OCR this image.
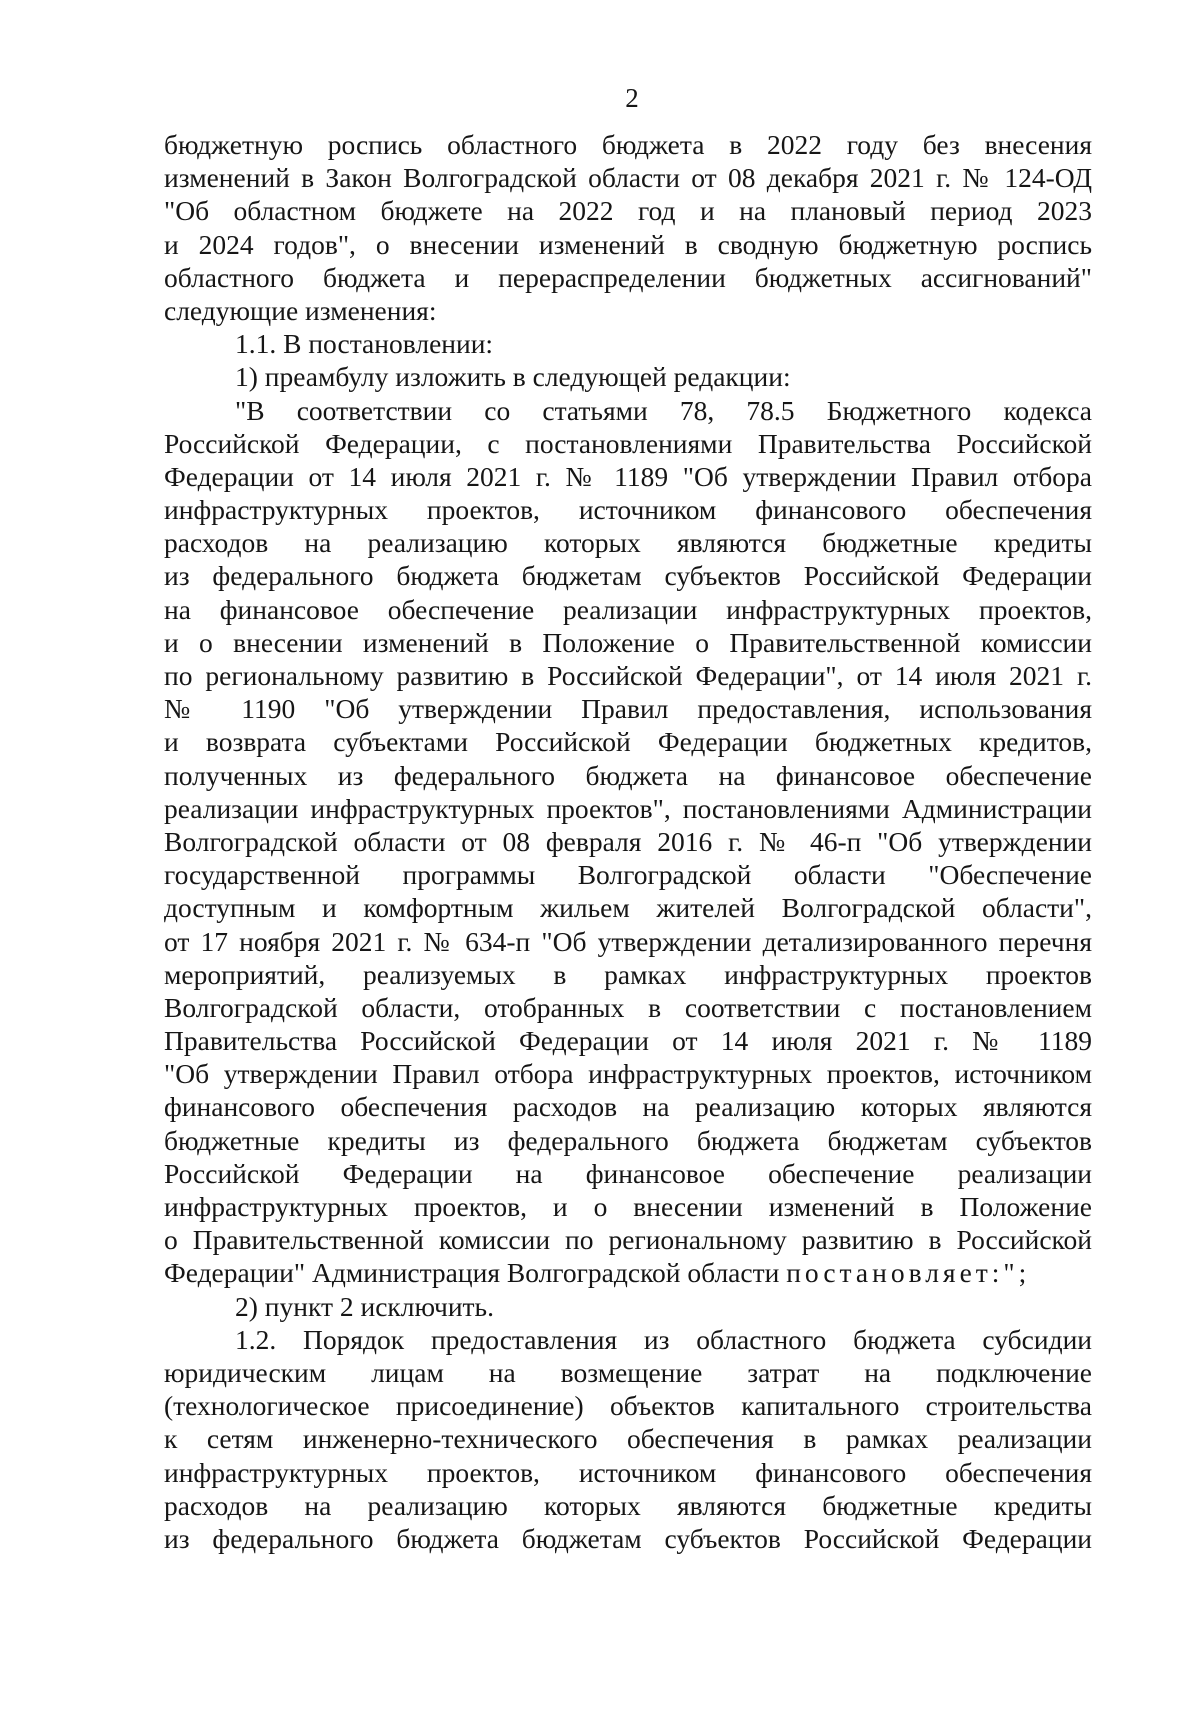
2
бюджетную роспись областного бюджета в 2022 году без внесения
изменений в Закон Волгоградской области от 08 декабря 2021 г. № 124-ОД
"Об областном бюджете на 2022 год и на плановый период 2023
и 2024 годов", о внесении изменений в сводную бюджетную роспись
областного бюджета и перераспределении бюджетных ассигнований"
следующие изменения:
1.1. В постановлении:
1) преамбулу изложить в следующей редакции:
"В соответствии со статьями 78, 78.5 Бюджетного кодекса
Российской Федерации, с постановлениями Правительства Российской
Федерации от 14 июля 2021 г. № 1189 "Об утверждении Правил отбора
инфраструктурных проектов, источником финансового обеспечения
расходов на реализацию которых являются бюджетные кредиты
из федерального бюджета бюджетам субъектов Российской Федерации
на финансовое обеспечение реализации инфраструктурных проектов,
и о внесении изменений в Положение о Правительственной комиссии
по региональному развитию в Российской Федерации", от 14 июля 2021 г.
№ 1190 "Об утверждении Правил предоставления, использования
и возврата субъектами Российской Федерации бюджетных кредитов,
полученных из федерального бюджета на финансовое обеспечение
реализации инфраструктурных проектов", постановлениями Администрации
Волгоградской области от 08 февраля 2016 г. № 46-п "Об утверждении
государственной программы Волгоградской области "Обеспечение
доступным и комфортным жильем жителей Волгоградской области",
от 17 ноября 2021 г. № 634-п "Об утверждении детализированного перечня
мероприятий, реализуемых в рамках инфраструктурных проектов
Волгоградской области, отобранных в соответствии с постановлением
Правительства Российской Федерации от 14 июля 2021 г. № 1189
"Об утверждении Правил отбора инфраструктурных проектов, источником
финансового обеспечения расходов на реализацию которых являются
бюджетные кредиты из федерального бюджета бюджетам субъектов
Российской Федерации на финансовое обеспечение реализации
инфраструктурных проектов, и о внесении изменений в Положение
о Правительственной комиссии по региональному развитию в Российской
Федерации" Администрация Волгоградской области постановляет:";
2) пункт 2 исключить.
1.2. Порядок предоставления из областного бюджета субсидии
юридическим лицам на возмещение затрат на подключение
(технологическое присоединение) объектов капитального строительства
к сетям инженерно-технического обеспечения в рамках реализации
инфраструктурных проектов, источником финансового обеспечения
расходов на реализацию которых являются бюджетные кредиты
из федерального бюджета бюджетам субъектов Российской Федерации
